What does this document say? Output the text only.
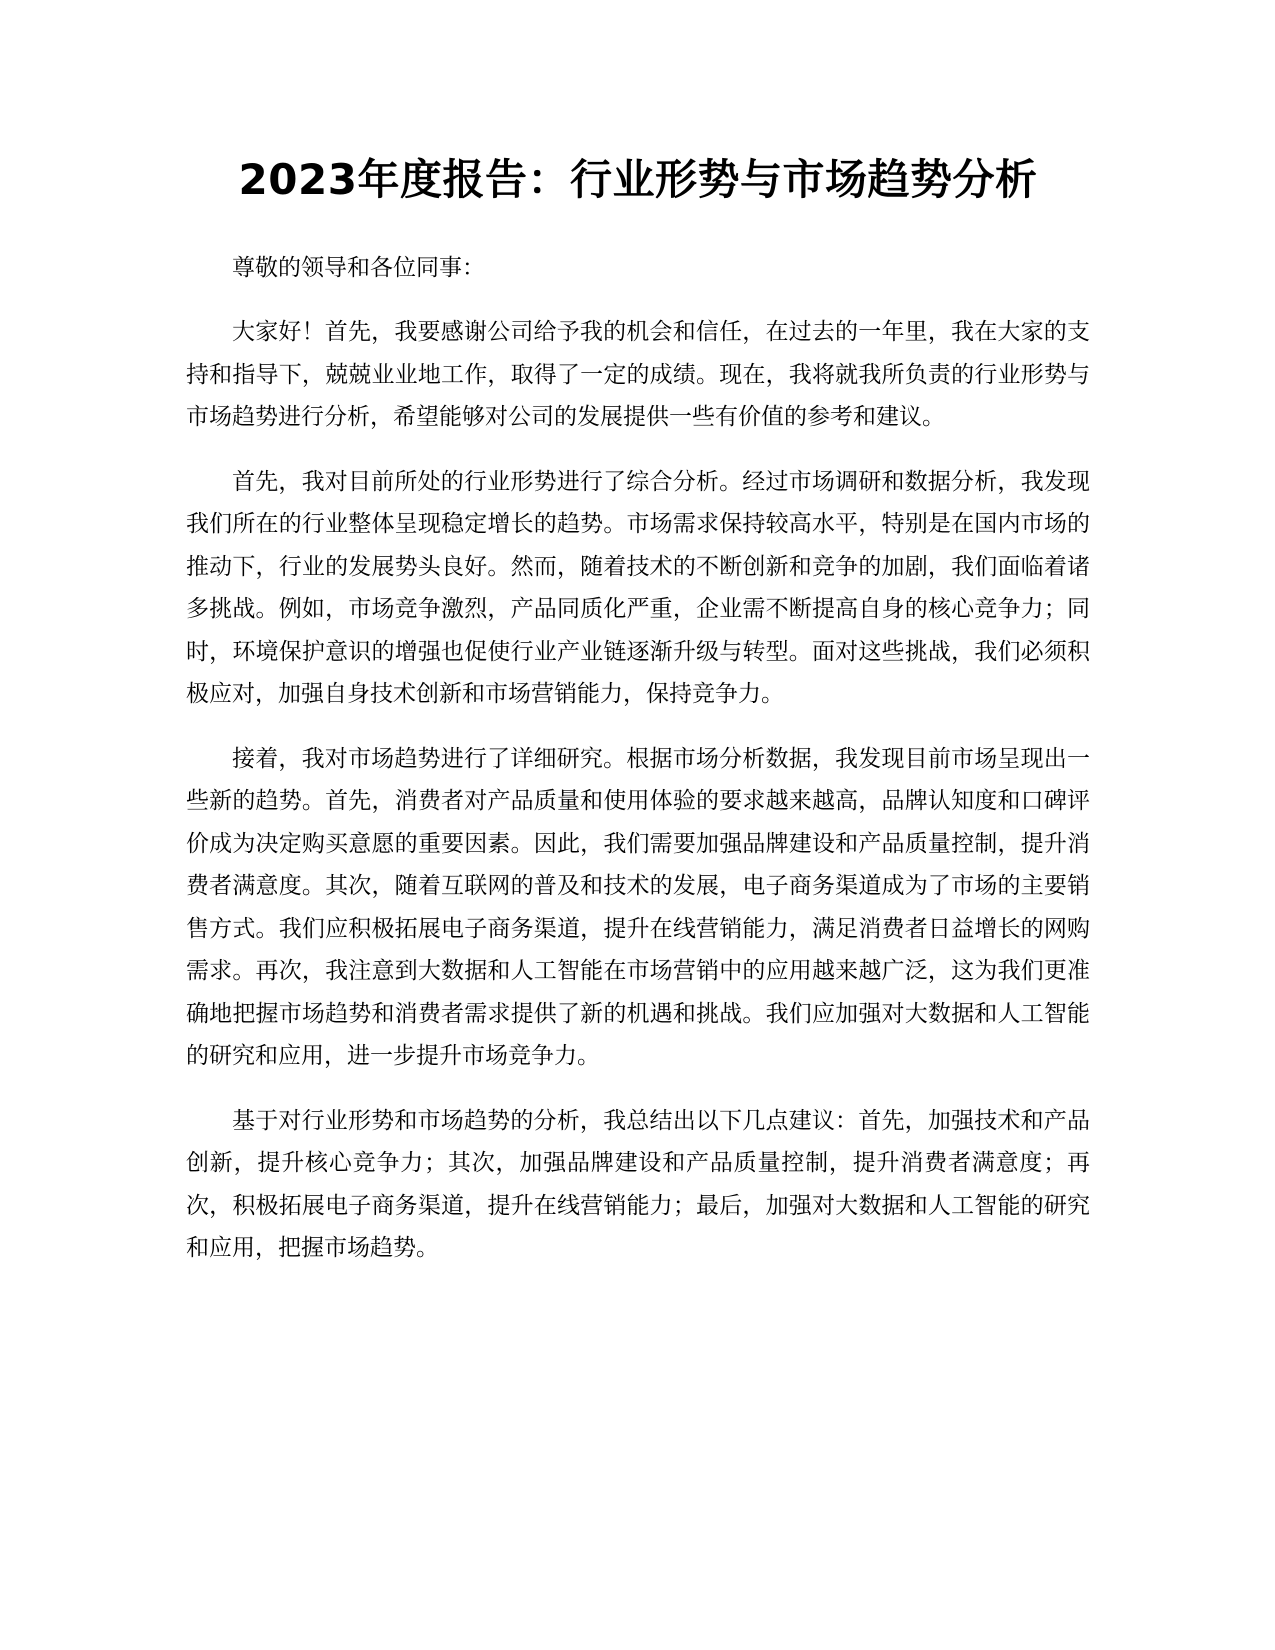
2023年度报告：行业形势与市场趋势分析

尊敬的领导和各位同事：

大家好！首先，我要感谢公司给予我的机会和信任，在过去的一年里，我在大家的支持和指导下，兢兢业业地工作，取得了一定的成绩。现在，我将就我所负责的行业形势与市场趋势进行分析，希望能够对公司的发展提供一些有价值的参考和建议。

首先，我对目前所处的行业形势进行了综合分析。经过市场调研和数据分析，我发现我们所在的行业整体呈现稳定增长的趋势。市场需求保持较高水平，特别是在国内市场的推动下，行业的发展势头良好。然而，随着技术的不断创新和竞争的加剧，我们面临着诸多挑战。例如，市场竞争激烈，产品同质化严重，企业需不断提高自身的核心竞争力；同时，环境保护意识的增强也促使行业产业链逐渐升级与转型。面对这些挑战，我们必须积极应对，加强自身技术创新和市场营销能力，保持竞争力。

接着，我对市场趋势进行了详细研究。根据市场分析数据，我发现目前市场呈现出一些新的趋势。首先，消费者对产品质量和使用体验的要求越来越高，品牌认知度和口碑评价成为决定购买意愿的重要因素。因此，我们需要加强品牌建设和产品质量控制，提升消费者满意度。其次，随着互联网的普及和技术的发展，电子商务渠道成为了市场的主要销售方式。我们应积极拓展电子商务渠道，提升在线营销能力，满足消费者日益增长的网购需求。再次，我注意到大数据和人工智能在市场营销中的应用越来越广泛，这为我们更准确地把握市场趋势和消费者需求提供了新的机遇和挑战。我们应加强对大数据和人工智能的研究和应用，进一步提升市场竞争力。

基于对行业形势和市场趋势的分析，我总结出以下几点建议：首先，加强技术和产品创新，提升核心竞争力；其次，加强品牌建设和产品质量控制，提升消费者满意度；再次，积极拓展电子商务渠道，提升在线营销能力；最后，加强对大数据和人工智能的研究和应用，把握市场趋势。
